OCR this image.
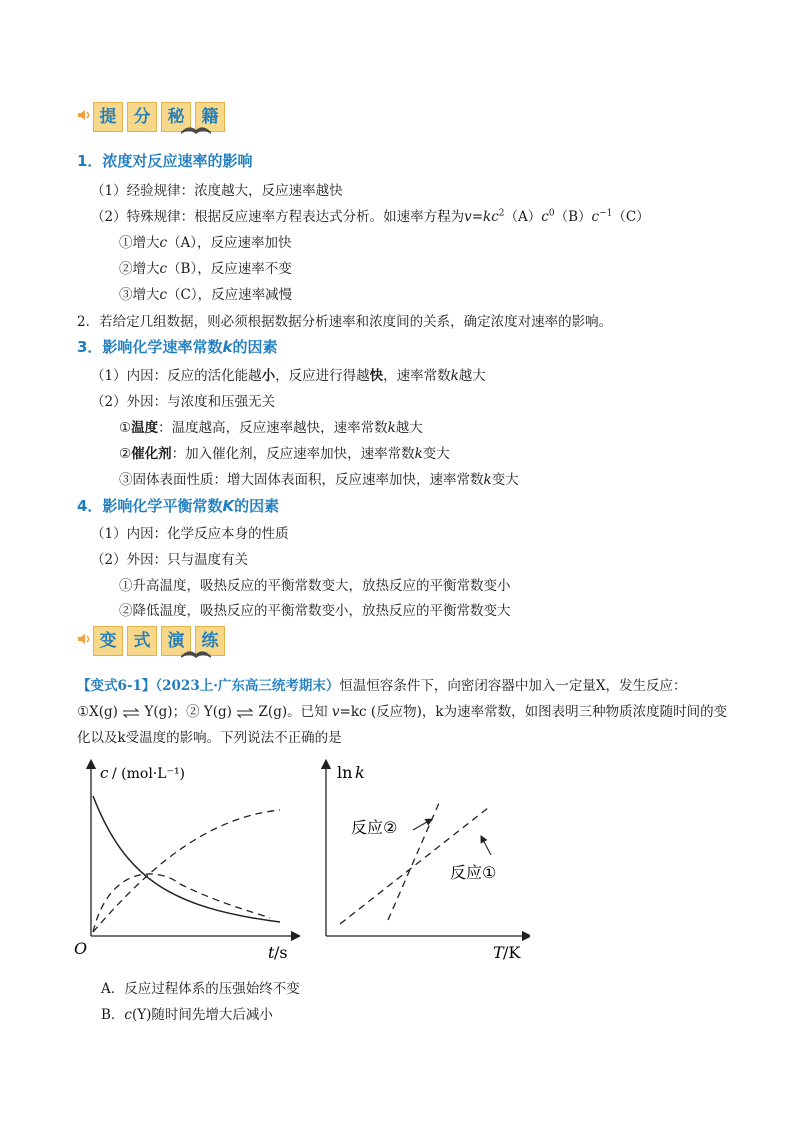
提	分	秘	籍
1．浓度对反应速率的影响
（1）经验规律：浓度越大，反应速率越快
（2）特殊规律：根据反应速率方程表达式分析。如速率方程为$v=kc^2(A)c^0(B)c^{-1}(C)$
①增大c（A），反应速率加快
②增大c（B），反应速率不变
③增大c（C），反应速率减慢
2．若给定几组数据，则必须根据数据分析速率和浓度间的关系，确定浓度对速率的影响。
3．影响化学速率常数k的因素
（1）内因：反应的活化能越小，反应进行得越快，速率常数k越大
（2）外因：与浓度和压强无关
①温度：温度越高，反应速率越快，速率常数k越大
②催化剂：加入催化剂，反应速率加快，速率常数k变大
③固体表面性质：增大固体表面积，反应速率加快，速率常数k变大
4．影响化学平衡常数K的因素
（1）内因：化学反应本身的性质
（2）外因：只与温度有关
①升高温度，吸热反应的平衡常数变大，放热反应的平衡常数变小
②降低温度，吸热反应的平衡常数变小，放热反应的平衡常数变大
变	式	演	练
【变式6-1】（2023上·广东高三统考期末）恒温恒容条件下，向密闭容器中加入一定量X，发生反应：
①X(g) ⇌ Y(g)；② Y(g) ⇌ Z(g)。已知 v=kc (反应物)，k为速率常数，如图表明三种物质浓度随时间的变
化以及k受温度的影响。下列说法不正确的是
c / (mol·L⁻¹)
O	t /s
ln k
T /K
反应②
反应①
A．反应过程体系的压强始终不变
B．c(Y)随时间先增大后减小
